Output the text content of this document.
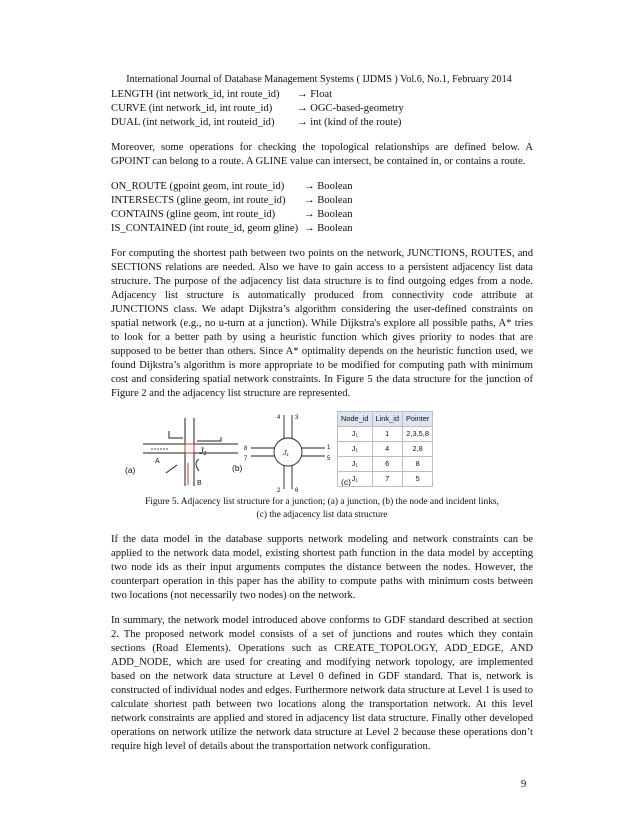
International Journal of Database Management Systems ( IJDMS ) Vol.6, No.1, February 2014
LENGTH (int network_id, int route_id)	→ Float
CURVE (int network_id, int route_id)	→ OGC-based-geometry
DUAL (int network_id, int routeid_id)	→ int (kind of the route)

Moreover, some operations for checking the topological relationships are defined below. A GPOINT can belong to a route. A GLINE value can intersect, be contained in, or contains a route.

ON_ROUTE (gpoint geom, int route_id)	→ Boolean
INTERSECTS (gline geom, int route_id)	→ Boolean
CONTAINS (gline geom, int route_id)	→ Boolean
IS_CONTAINED (int route_id, geom gline) → Boolean

For computing the shortest path between two points on the network, JUNCTIONS, ROUTES, and SECTIONS relations are needed. Also we have to gain access to a persistent adjacency list data structure. The purpose of the adjacency list data structure is to find outgoing edges from a node. Adjacency list structure is automatically produced from connectivity code attribute at JUNCTIONS class. We adapt Dijkstra’s algorithm considering the user-defined constraints on spatial network (e.g., no u-turn at a junction). While Dijkstra's explore all possible paths, A* tries to look for a better path by using a heuristic function which gives priority to nodes that are supposed to be better than others. Since A* optimality depends on the heuristic function used, we found Dijkstra’s algorithm is more appropriate to be modified for computing path with minimum cost and considering spatial network constraints. In Figure 5 the data structure for the junction of Figure 2 and the adjacency list structure are represented.

(a)
A
B
J₁
4 3
8	1
7	5
2 6
J₁
(b)
(c)
Node_id	Link_id	Pointer
J₁	1	2,3,5,8
J₁	4	2,8
J₁	6	8
J₁	7	5
Figure 5. Adjacency list structure for a junction; (a) a junction, (b) the node and incident links,
(c) the adjacency list data structure

If the data model in the database supports network modeling and network constraints can be applied to the network data model, existing shortest path function in the data model by accepting two node ids as their input arguments computes the distance between the nodes. However, the counterpart operation in this paper has the ability to compute paths with minimum costs between two locations (not necessarily two nodes) on the network.

In summary, the network model introduced above conforms to GDF standard described at section 2. The proposed network model consists of a set of junctions and routes which they contain sections (Road Elements). Operations such as CREATE_TOPOLOGY, ADD_EDGE, AND ADD_NODE, which are used for creating and modifying network topology, are implemented based on the network data structure at Level 0 defined in GDF standard. That is, network is constructed of individual nodes and edges. Furthermore network data structure at Level 1 is used to calculate shortest path between two locations along the transportation network. At this level network constraints are applied and stored in adjacency list data structure. Finally other developed operations on network utilize the network data structure at Level 2 because these operations don’t require high level of details about the transportation network configuration.

9
